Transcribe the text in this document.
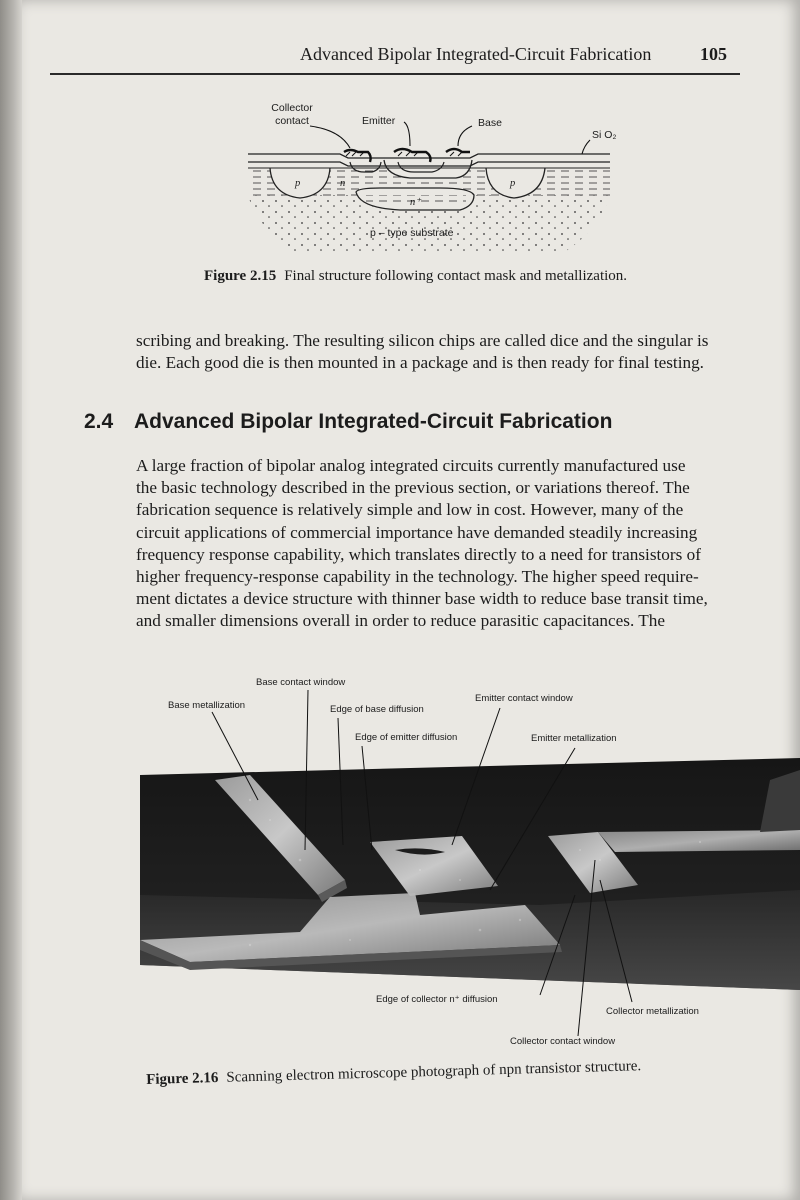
Advanced Bipolar Integrated-Circuit Fabrication	105
Collector contact	Emitter	Base
Si O₂
p	n	p
n⁺
p – type substrate
Figure 2.15 Final structure following contact mask and metallization.
scribing and breaking. The resulting silicon chips are called dice and the singular is
die. Each good die is then mounted in a package and is then ready for final testing.
2.4 Advanced Bipolar Integrated-Circuit Fabrication
A large fraction of bipolar analog integrated circuits currently manufactured use
the basic technology described in the previous section, or variations thereof. The
fabrication sequence is relatively simple and low in cost. However, many of the
circuit applications of commercial importance have demanded steadily increasing
frequency response capability, which translates directly to a need for transistors of
higher frequency-response capability in the technology. The higher speed require-
ment dictates a device structure with thinner base width to reduce base transit time,
and smaller dimensions overall in order to reduce parasitic capacitances. The
Base contact window
Base metallization	Edge of base diffusion
Emitter contact window
Edge of emitter diffusion	Emitter metallization
Edge of collector n⁺ diffusion
Collector metallization
Collector contact window
Figure 2.16 Scanning electron microscope photograph of npn transistor structure.
